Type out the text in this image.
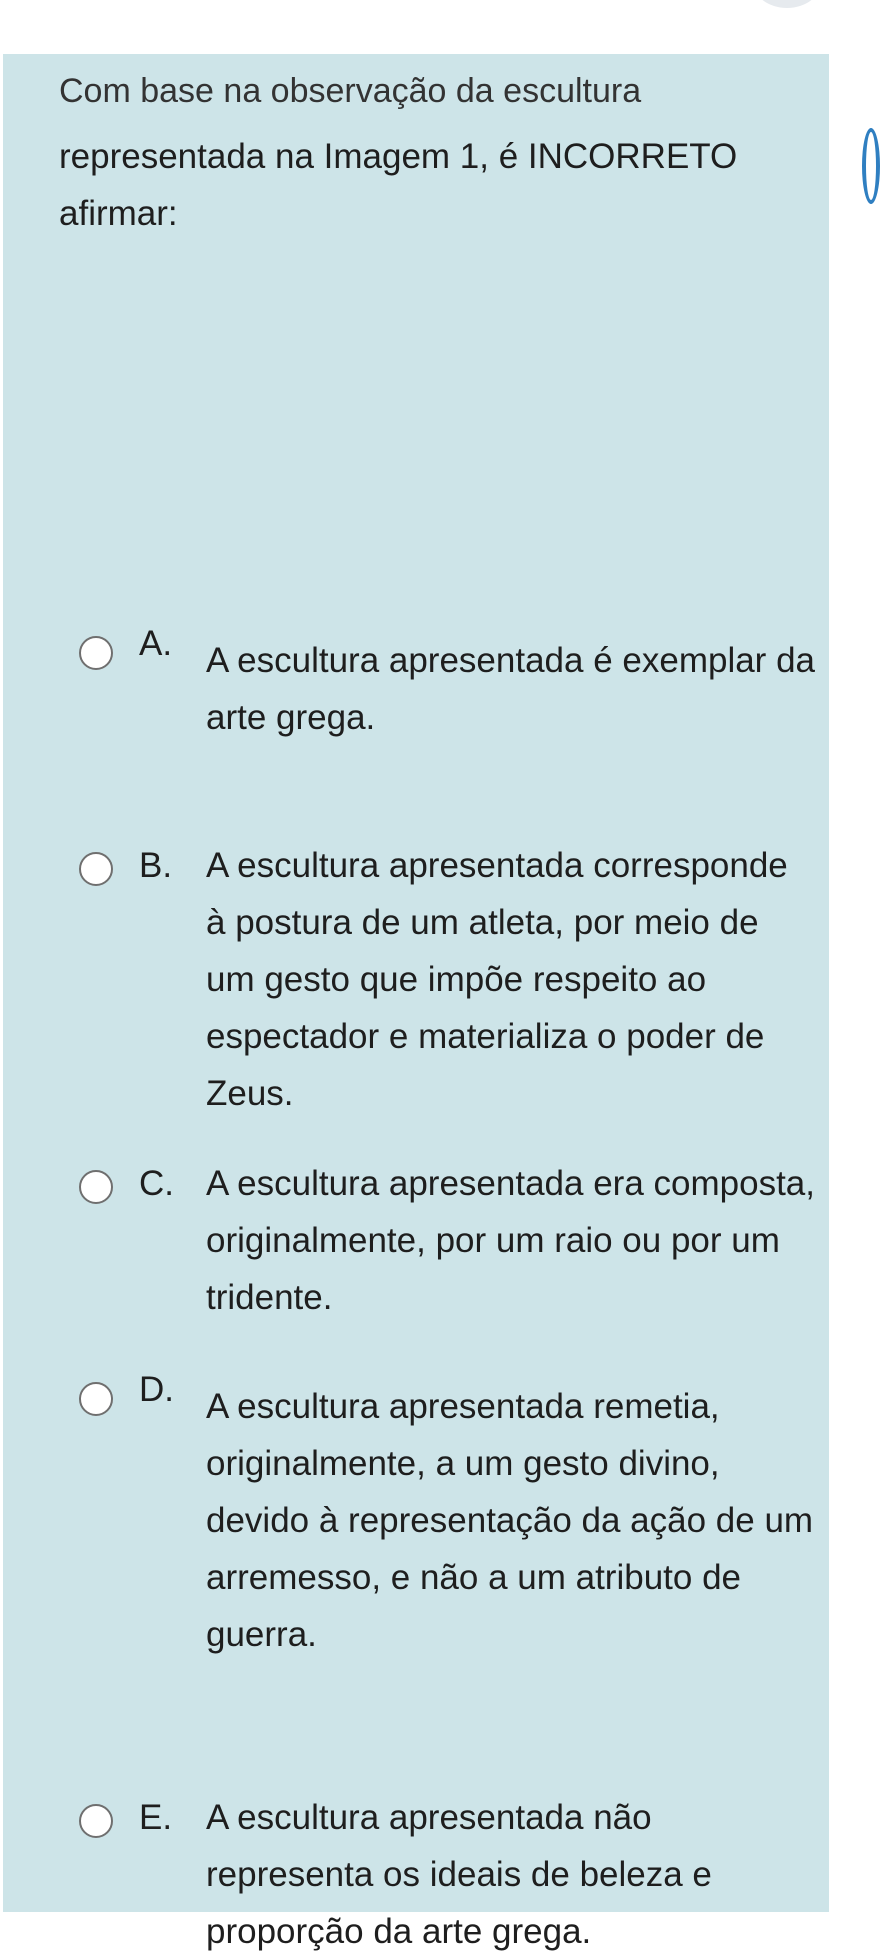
Com base na observação da escultura

representada na Imagem 1, é INCORRETO afirmar:

A. A escultura apresentada é exemplar da arte grega.

B. A escultura apresentada corresponde à postura de um atleta, por meio de um gesto que impõe respeito ao espectador e materializa o poder de Zeus.

C. A escultura apresentada era composta, originalmente, por um raio ou por um tridente.

D. A escultura apresentada remetia, originalmente, a um gesto divino, devido à representação da ação de um arremesso, e não a um atributo de guerra.

E. A escultura apresentada não representa os ideais de beleza e proporção da arte grega.
